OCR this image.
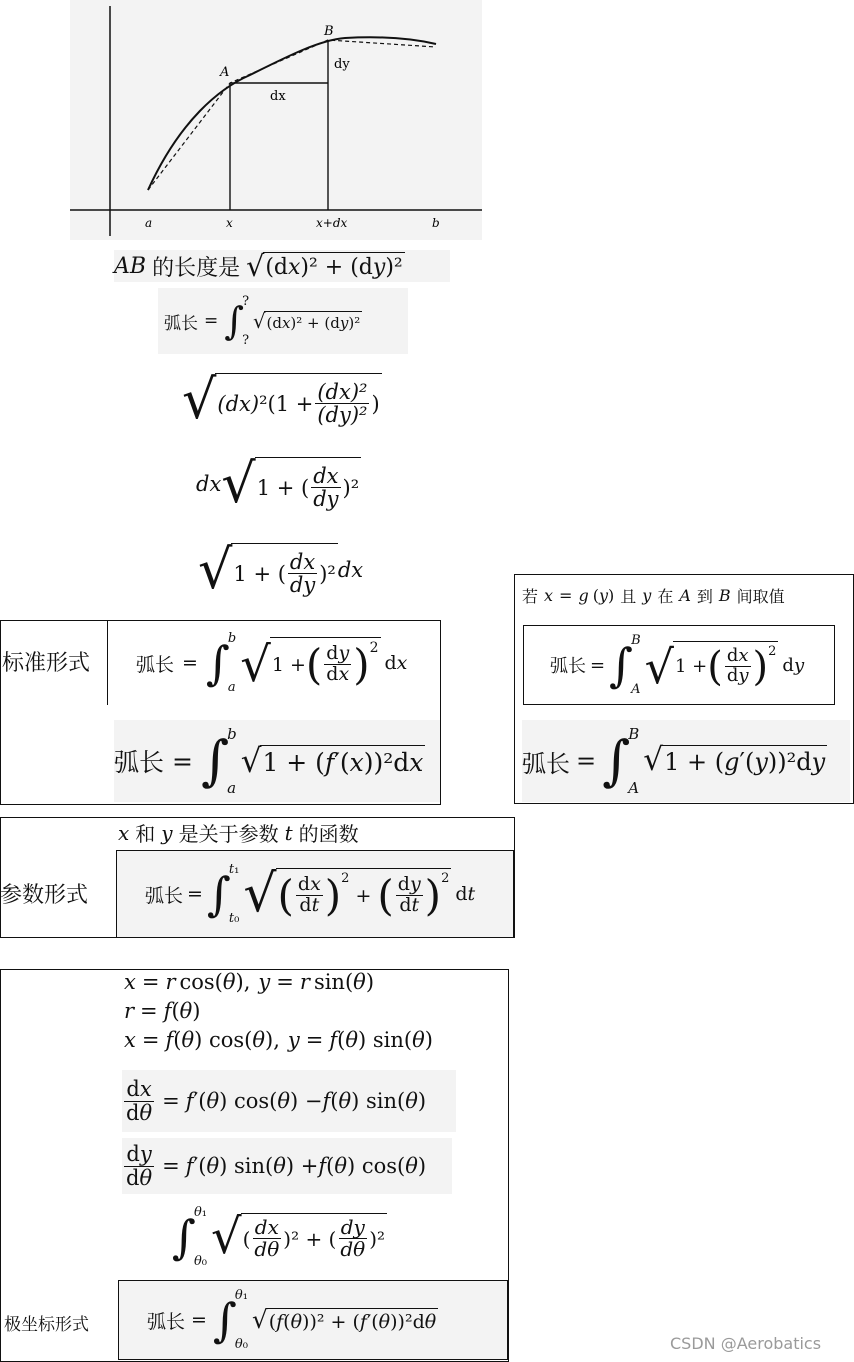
A
B
dx
dy
a	x	x+dx	b
AB 的长度是 √ (d x )² + (d y )²
弧长 = ∫
?
?
√ (d x )² + (d y )²
√ (dx) $^2(1 + \frac{\text{(dx)²}}{\text{(dy)²}}$ )
dx √ 1 + ( $\frac{dx}{dy} )^2$
√ 1 + ( $\frac{dx}{dy} )^2$ dx
标准形式 弧长 = ∫
b
a √ 1 + ( $\frac{dy}{dx} )^2$
dx
弧长 = ∫
b
a
√ 1 + ( f ′( x ))²d x
若 x = g ( y ) 且 y 在 A 到 B 间取值
弧长 = ∫
B
A √ 1 + ( $\frac{dx}{dy} )^2$
dy
弧长 = ∫
B
A
√ 1 + ( g ′( y ))²d y
x 和 y 是关于参数 t 的函数
参数形式	弧长 = ∫
t₁
t₀ √ ( $\frac{dx}{dt} )^2$
+ ( $\frac{dy}{dt} )^2$
dt
x = r cos( θ ), y = r sin( θ )
r = f ( θ )
x = f ( θ ) cos( θ ), y = f ( θ ) sin( θ )
$\frac{dx}{d\theta} = f$ ′( θ ) cos( θ ) − f ( θ ) sin( θ )
$\frac{dy}{d\theta} = f$ ′( θ ) sin( θ ) + f ( θ ) cos( θ )
∫
θ₁
θ₀ √ ( $\frac{dx}{d\theta} )^2$ + ( $\frac{dy}{d\theta} )^2$
极坐标形式	弧长 = ∫
θ₁
θ₀
√ ( f ( θ ))² + ( f ′( θ ))²d θ
CSDN @Aerobatics
